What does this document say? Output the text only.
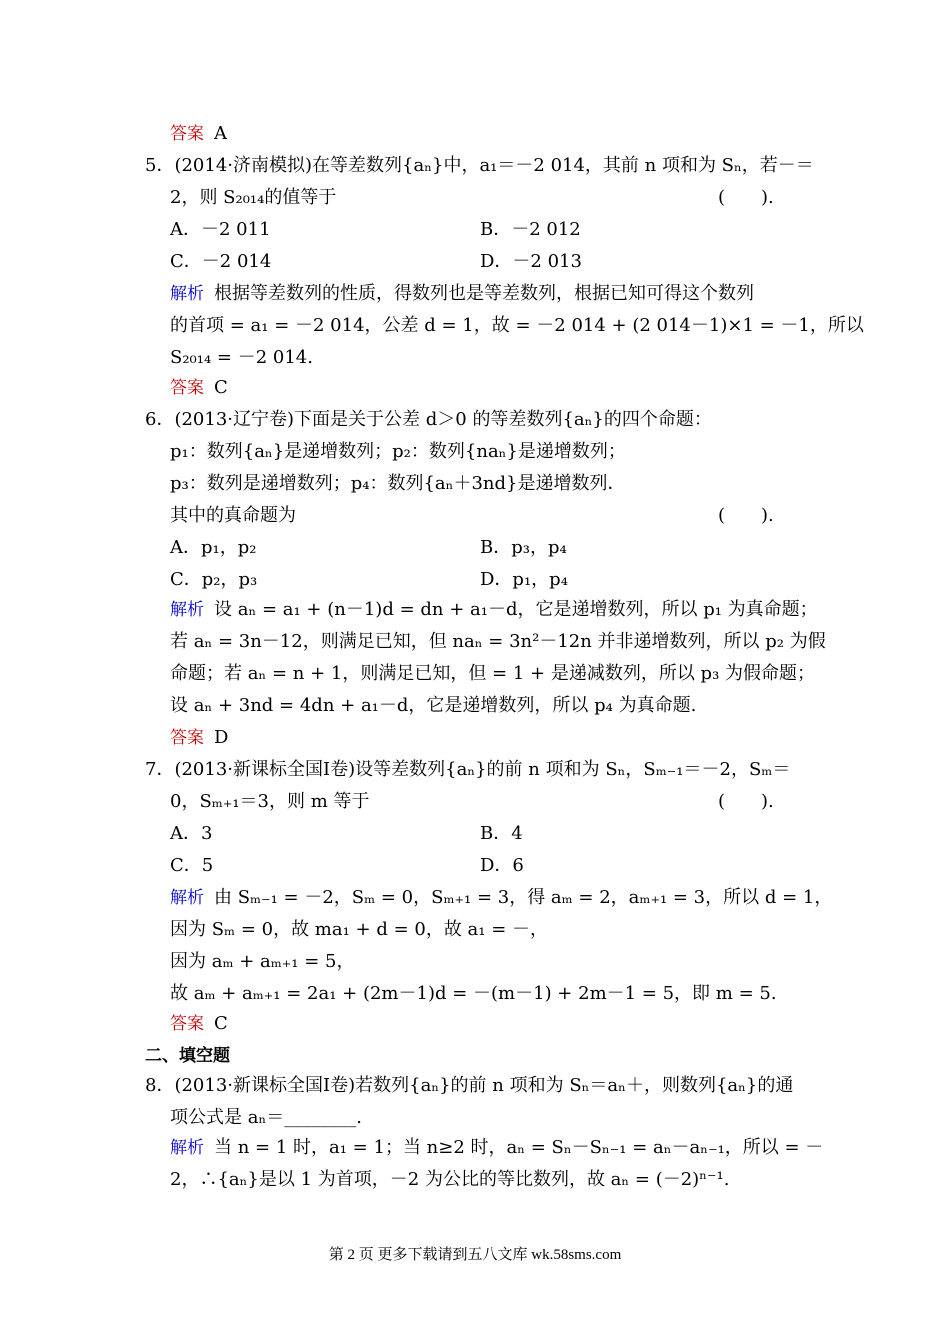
答案 A
5．(2014·济南模拟)在等差数列{aₙ}中，a₁＝－2 014，其前 n 项和为 Sₙ，若－＝
2，则 S₂₀₁₄的值等于	(　　).
A．－2 011	B．－2 012
C．－2 014	D．－2 013
解析 根据等差数列的性质，得数列也是等差数列，根据已知可得这个数列
的首项 = a₁ = －2 014，公差 d = 1，故 = －2 014 + (2 014－1)×1 = －1，所以
S₂₀₁₄ = －2 014.
答案 C
6．(2013·辽宁卷)下面是关于公差 d＞0 的等差数列{aₙ}的四个命题：
p₁：数列{aₙ}是递增数列；p₂：数列{naₙ}是递增数列；
p₃：数列是递增数列；p₄：数列{aₙ＋3nd}是递增数列．
其中的真命题为	(　　).
A．p₁，p₂	B．p₃，p₄
C．p₂，p₃	D．p₁，p₄
解析 设 aₙ = a₁ + (n－1)d = dn + a₁－d，它是递增数列，所以 p₁ 为真命题；
若 aₙ = 3n－12，则满足已知，但 naₙ = 3n²－12n 并非递增数列，所以 p₂ 为假
命题；若 aₙ = n + 1，则满足已知，但 = 1 + 是递减数列，所以 p₃ 为假命题；
设 aₙ + 3nd = 4dn + a₁－d，它是递增数列，所以 p₄ 为真命题.
答案 D
7．(2013·新课标全国Ⅰ卷)设等差数列{aₙ}的前 n 项和为 Sₙ，Sₘ₋₁＝－2，Sₘ＝
0，Sₘ₊₁＝3，则 m 等于	(　　).
A．3	B．4
C．5	D．6
解析 由 Sₘ₋₁ = －2，Sₘ = 0，Sₘ₊₁ = 3，得 aₘ = 2，aₘ₊₁ = 3，所以 d = 1，
因为 Sₘ = 0，故 ma₁ + d = 0，故 a₁ = －，
因为 aₘ + aₘ₊₁ = 5，
故 aₘ + aₘ₊₁ = 2a₁ + (2m－1)d = －(m－1) + 2m－1 = 5，即 m = 5.
答案 C
二、填空题
8．(2013·新课标全国Ⅰ卷)若数列{aₙ}的前 n 项和为 Sₙ＝aₙ＋，则数列{aₙ}的通
项公式是 aₙ＝________.
解析 当 n = 1 时，a₁ = 1；当 n≥2 时，aₙ = Sₙ－Sₙ₋₁ = aₙ－aₙ₋₁，所以 = －
2，∴{aₙ}是以 1 为首项，－2 为公比的等比数列，故 aₙ = (－2)ⁿ⁻¹.
第 2 页 更多下载请到五八文库 wk.58sms.com
